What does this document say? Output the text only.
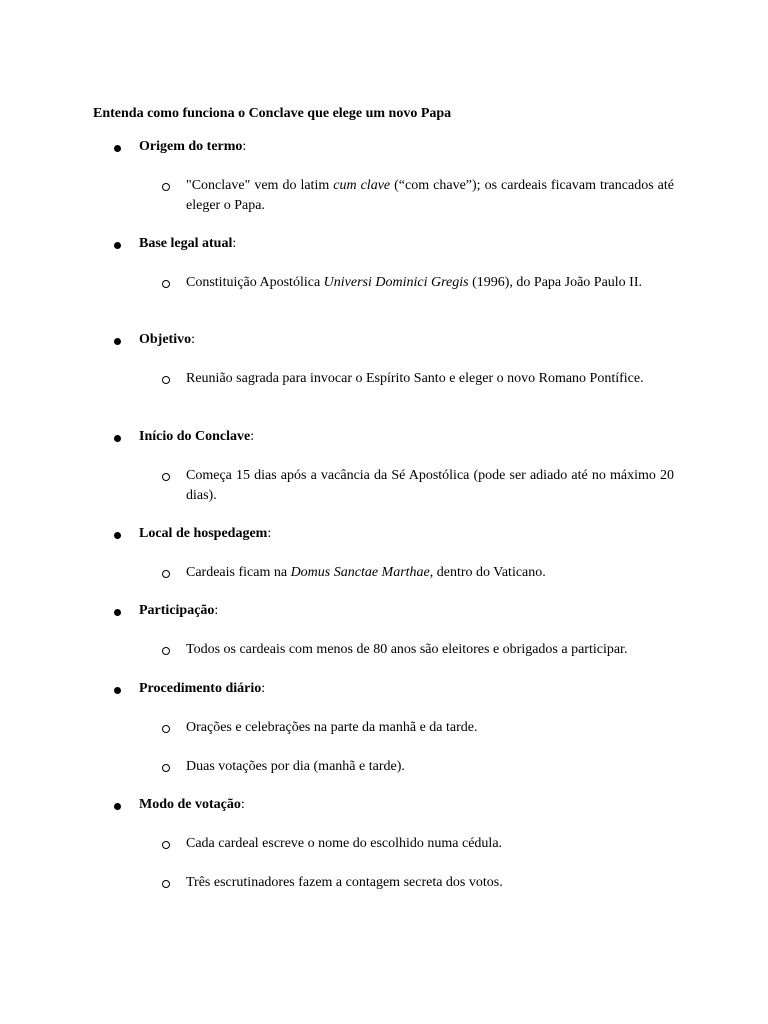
Entenda como funciona o Conclave que elege um novo Papa
Origem do termo:
"Conclave" vem do latim cum clave (“com chave”); os cardeais ficavam trancados até eleger o Papa.
Base legal atual:
Constituição Apostólica Universi Dominici Gregis (1996), do Papa João Paulo II.
Objetivo:
Reunião sagrada para invocar o Espírito Santo e eleger o novo Romano Pontífice.
Início do Conclave:
Começa 15 dias após a vacância da Sé Apostólica (pode ser adiado até no máximo 20 dias).
Local de hospedagem:
Cardeais ficam na Domus Sanctae Marthae, dentro do Vaticano.
Participação:
Todos os cardeais com menos de 80 anos são eleitores e obrigados a participar.
Procedimento diário:
Orações e celebrações na parte da manhã e da tarde.
Duas votações por dia (manhã e tarde).
Modo de votação:
Cada cardeal escreve o nome do escolhido numa cédula.
Três escrutinadores fazem a contagem secreta dos votos.
